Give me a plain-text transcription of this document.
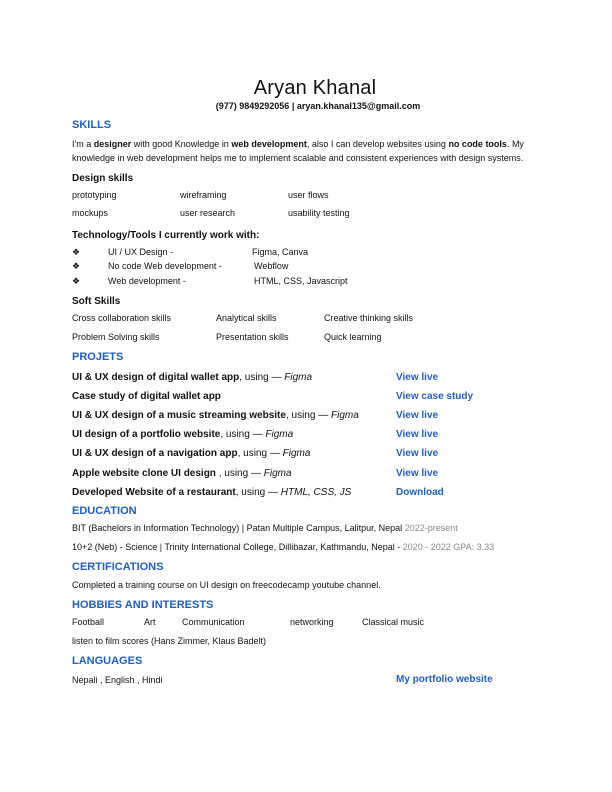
Aryan Khanal
(977) 9849292056 | aryan.khanal135@gmail.com
SKILLS
I'm a designer with good Knowledge in web development, also I can develop websites using no code tools. My knowledge in web development helps me to implement scalable and consistent experiences with design systems.
Design skills
prototyping	wireframing	user flows
mockups	user research	usability testing
Technology/Tools I currently work with:
❖	UI / UX Design -	Figma, Canva
❖	No code Web development -	Webflow
❖	Web development -	HTML, CSS, Javascript
Soft Skills
Cross collaboration skills	Analytical skills	Creative thinking skills
Problem Solving skills	Presentation skills	Quick learning
PROJETS
UI & UX design of digital wallet app, using — Figma	View live
Case study of digital wallet app	View case study
UI & UX design of a music streaming website, using — Figma	View live
UI design of a portfolio website, using — Figma	View live
UI & UX design of a navigation app, using — Figma	View live
Apple website clone UI design , using — Figma	View live
Developed Website of a restaurant, using — HTML, CSS, JS	Download
EDUCATION
BIT (Bachelors in Information Technology) | Patan Multiple Campus, Lalitpur, Nepal 2022-present
10+2 (Neb) - Science | Trinity International College, Dillibazar, Kathmandu, Nepal - 2020 - 2022 GPA: 3.33
CERTIFICATIONS
Completed a training course on UI design on freecodecamp youtube channel.
HOBBIES AND INTERESTS
Football	Art	Communication	networking	Classical music
listen to film scores (Hans Zimmer, Klaus Badelt)
LANGUAGES
Nepali , English , Hindi	My portfolio website
